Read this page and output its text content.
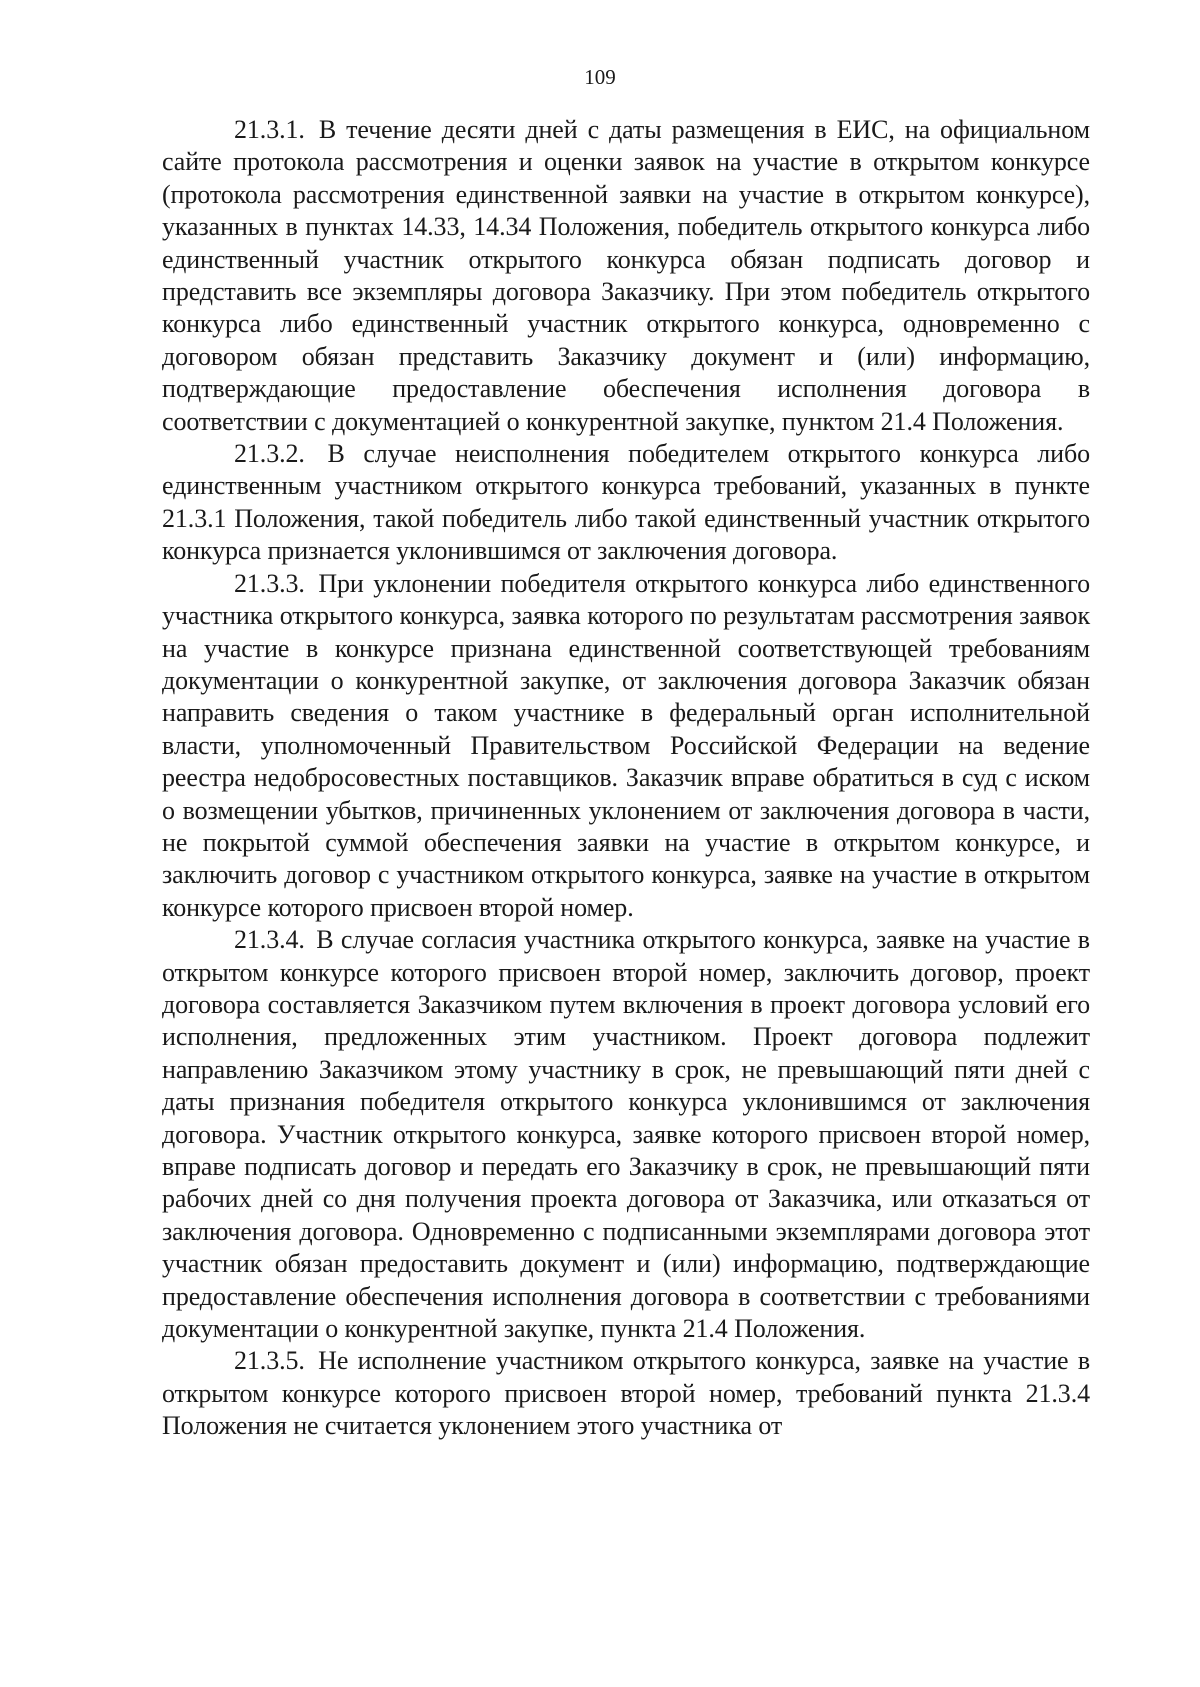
109

21.3.1. В течение десяти дней с даты размещения в ЕИС, на официальном сайте протокола рассмотрения и оценки заявок на участие в открытом конкурсе (протокола рассмотрения единственной заявки на участие в открытом конкурсе), указанных в пунктах 14.33, 14.34 Положения, победитель открытого конкурса либо единственный участник открытого конкурса обязан подписать договор и представить все экземпляры договора Заказчику. При этом победитель открытого конкурса либо единственный участник открытого конкурса, одновременно с договором обязан представить Заказчику документ и (или) информацию, подтверждающие предоставление обеспечения исполнения договора в соответствии с документацией о конкурентной закупке, пунктом 21.4 Положения.

21.3.2. В случае неисполнения победителем открытого конкурса либо единственным участником открытого конкурса требований, указанных в пункте 21.3.1 Положения, такой победитель либо такой единственный участник открытого конкурса признается уклонившимся от заключения договора.

21.3.3. При уклонении победителя открытого конкурса либо единственного участника открытого конкурса, заявка которого по результатам рассмотрения заявок на участие в конкурсе признана единственной соответствующей требованиям документации о конкурентной закупке, от заключения договора Заказчик обязан направить сведения о таком участнике в федеральный орган исполнительной власти, уполномоченный Правительством Российской Федерации на ведение реестра недобросовестных поставщиков. Заказчик вправе обратиться в суд с иском о возмещении убытков, причиненных уклонением от заключения договора в части, не покрытой суммой обеспечения заявки на участие в открытом конкурсе, и заключить договор с участником открытого конкурса, заявке на участие в открытом конкурсе которого присвоен второй номер.

21.3.4. В случае согласия участника открытого конкурса, заявке на участие в открытом конкурсе которого присвоен второй номер, заключить договор, проект договора составляется Заказчиком путем включения в проект договора условий его исполнения, предложенных этим участником. Проект договора подлежит направлению Заказчиком этому участнику в срок, не превышающий пяти дней с даты признания победителя открытого конкурса уклонившимся от заключения договора. Участник открытого конкурса, заявке которого присвоен второй номер, вправе подписать договор и передать его Заказчику в срок, не превышающий пяти рабочих дней со дня получения проекта договора от Заказчика, или отказаться от заключения договора. Одновременно с подписанными экземплярами договора этот участник обязан предоставить документ и (или) информацию, подтверждающие предоставление обеспечения исполнения договора в соответствии с требованиями документации о конкурентной закупке, пункта 21.4 Положения.

21.3.5. Не исполнение участником открытого конкурса, заявке на участие в открытом конкурсе которого присвоен второй номер, требований пункта 21.3.4 Положения не считается уклонением этого участника от
